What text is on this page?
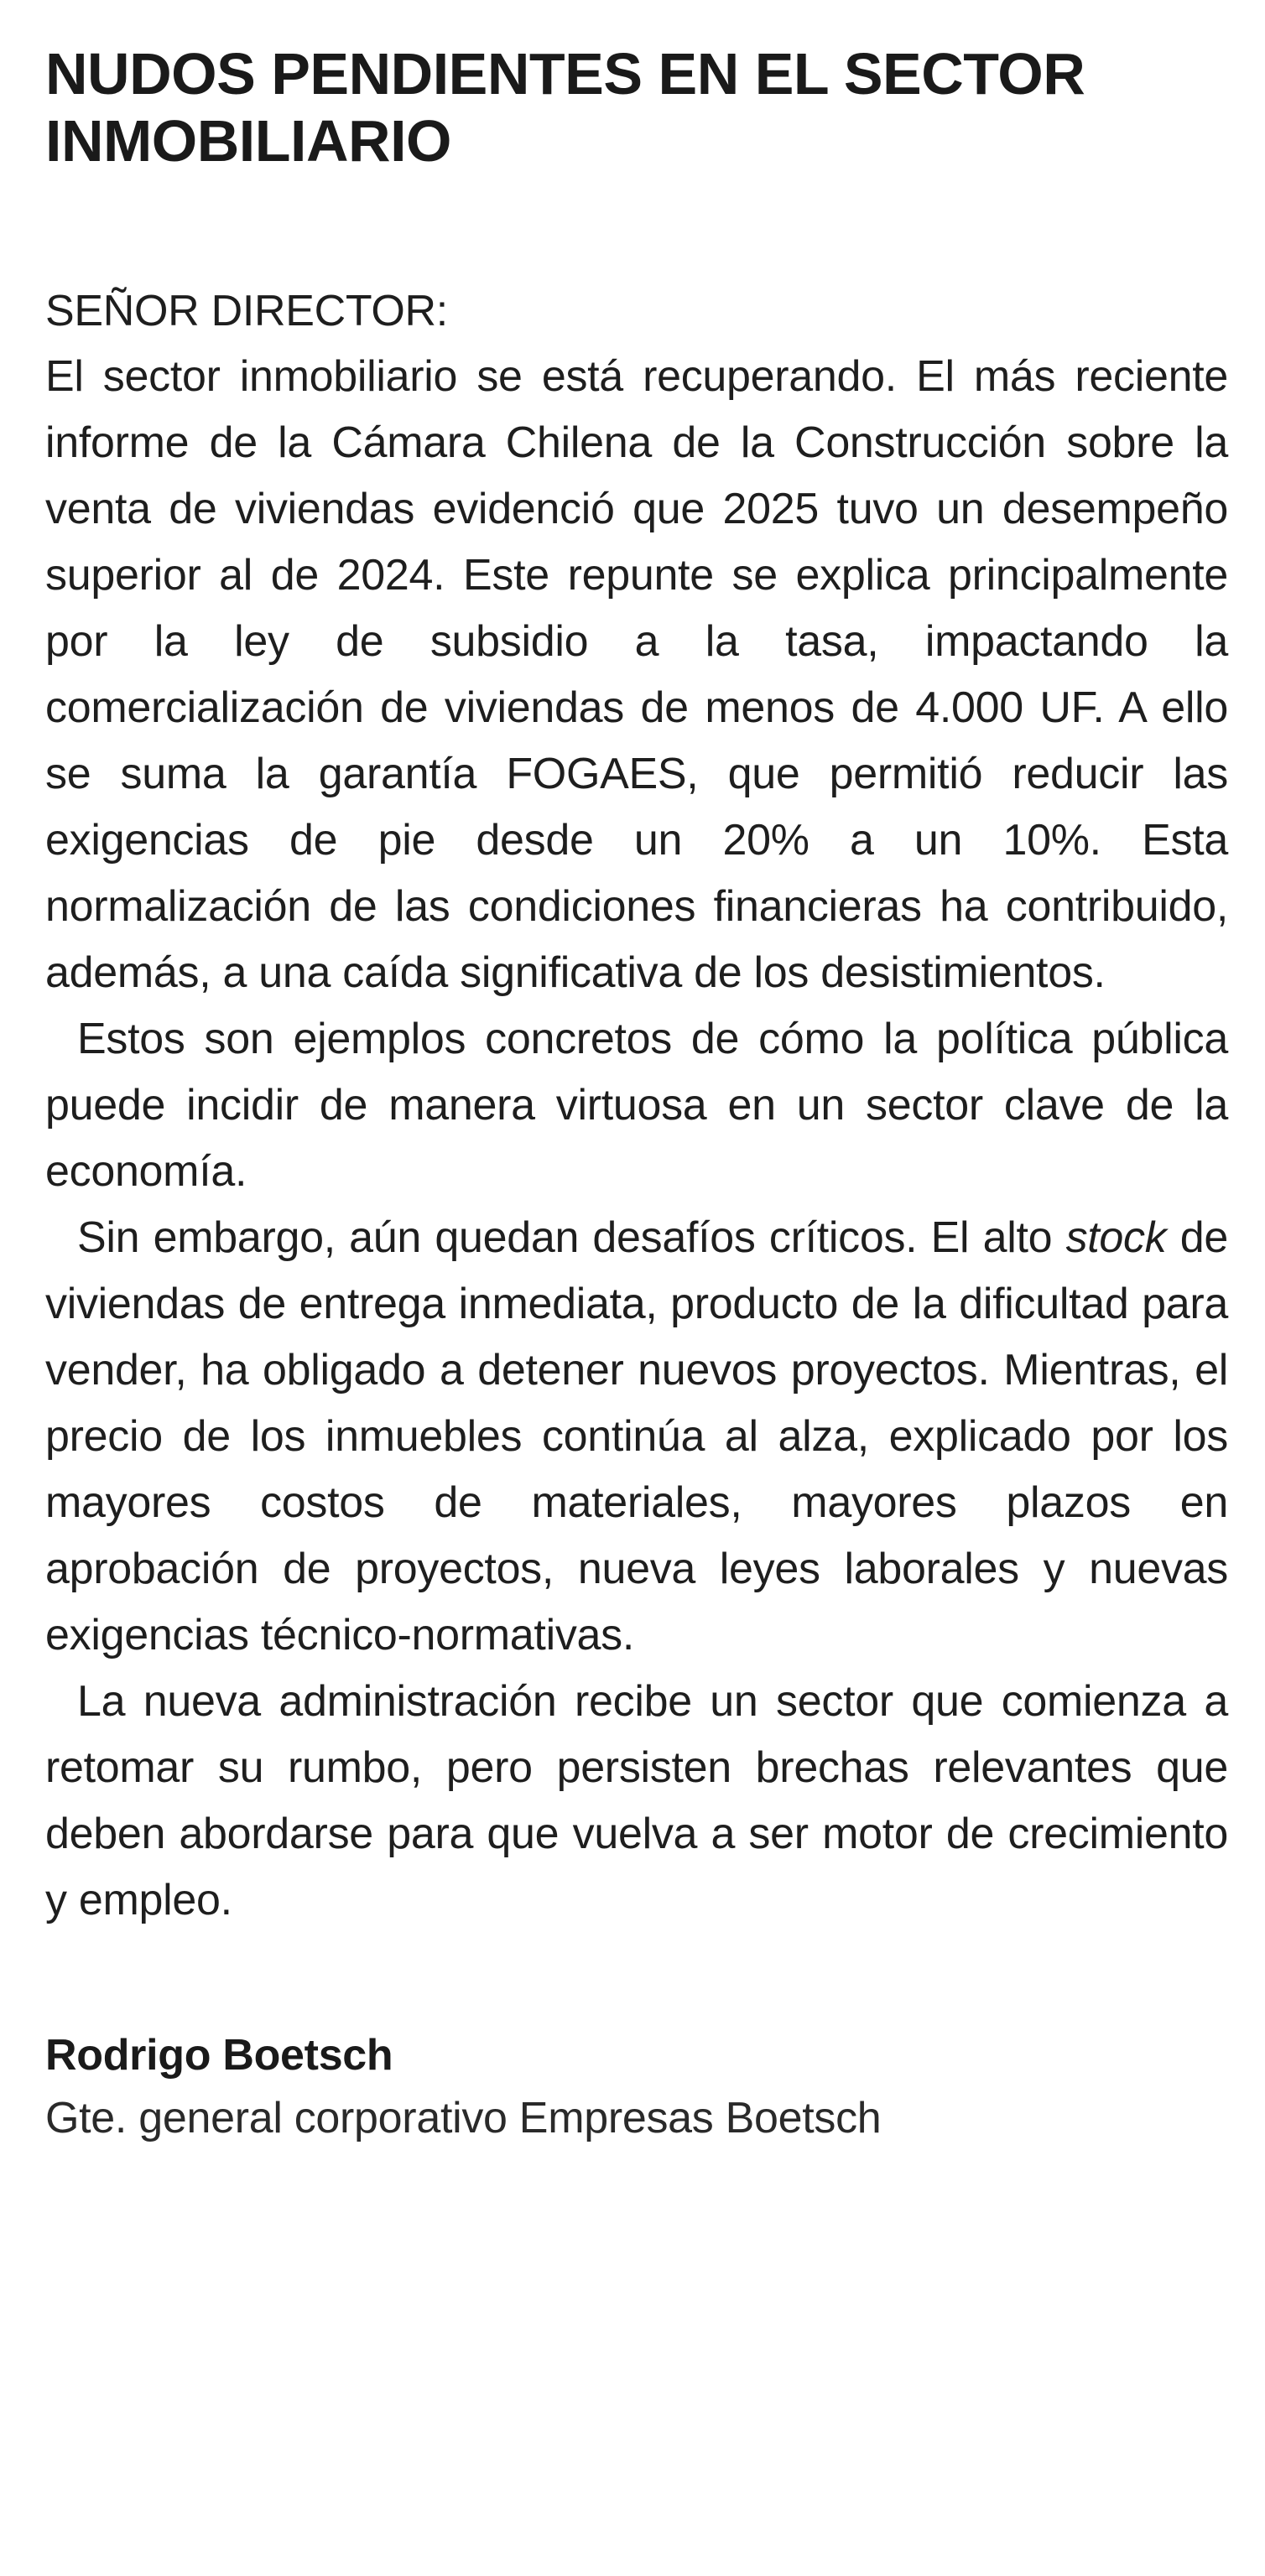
NUDOS PENDIENTES EN EL SECTOR
INMOBILIARIO
SEÑOR DIRECTOR:

El sector inmobiliario se está recuperando. El más reciente informe de la Cámara Chilena de la Construcción sobre la venta de viviendas evidenció que 2025 tuvo un desempeño superior al de 2024. Este repunte se explica principalmente por la ley de subsidio a la tasa, impactando la comercialización de viviendas de menos de 4.000 UF. A ello se suma la garantía FOGAES, que permitió reducir las exigencias de pie desde un 20% a un 10%. Esta normalización de las condiciones financieras ha contribuido, además, a una caída significativa de los desistimientos.

Estos son ejemplos concretos de cómo la política pública puede incidir de manera virtuosa en un sector clave de la economía.

Sin embargo, aún quedan desafíos críticos. El alto stock de viviendas de entrega inmediata, producto de la dificultad para vender, ha obligado a detener nuevos proyectos. Mientras, el precio de los inmuebles continúa al alza, explicado por los mayores costos de materiales, mayores plazos en aprobación de proyectos, nueva leyes laborales y nuevas exigencias técnico-normativas.

La nueva administración recibe un sector que comienza a retomar su rumbo, pero persisten brechas relevantes que deben abordarse para que vuelva a ser motor de crecimiento y empleo.

Rodrigo Boetsch
Gte. general corporativo Empresas Boetsch
